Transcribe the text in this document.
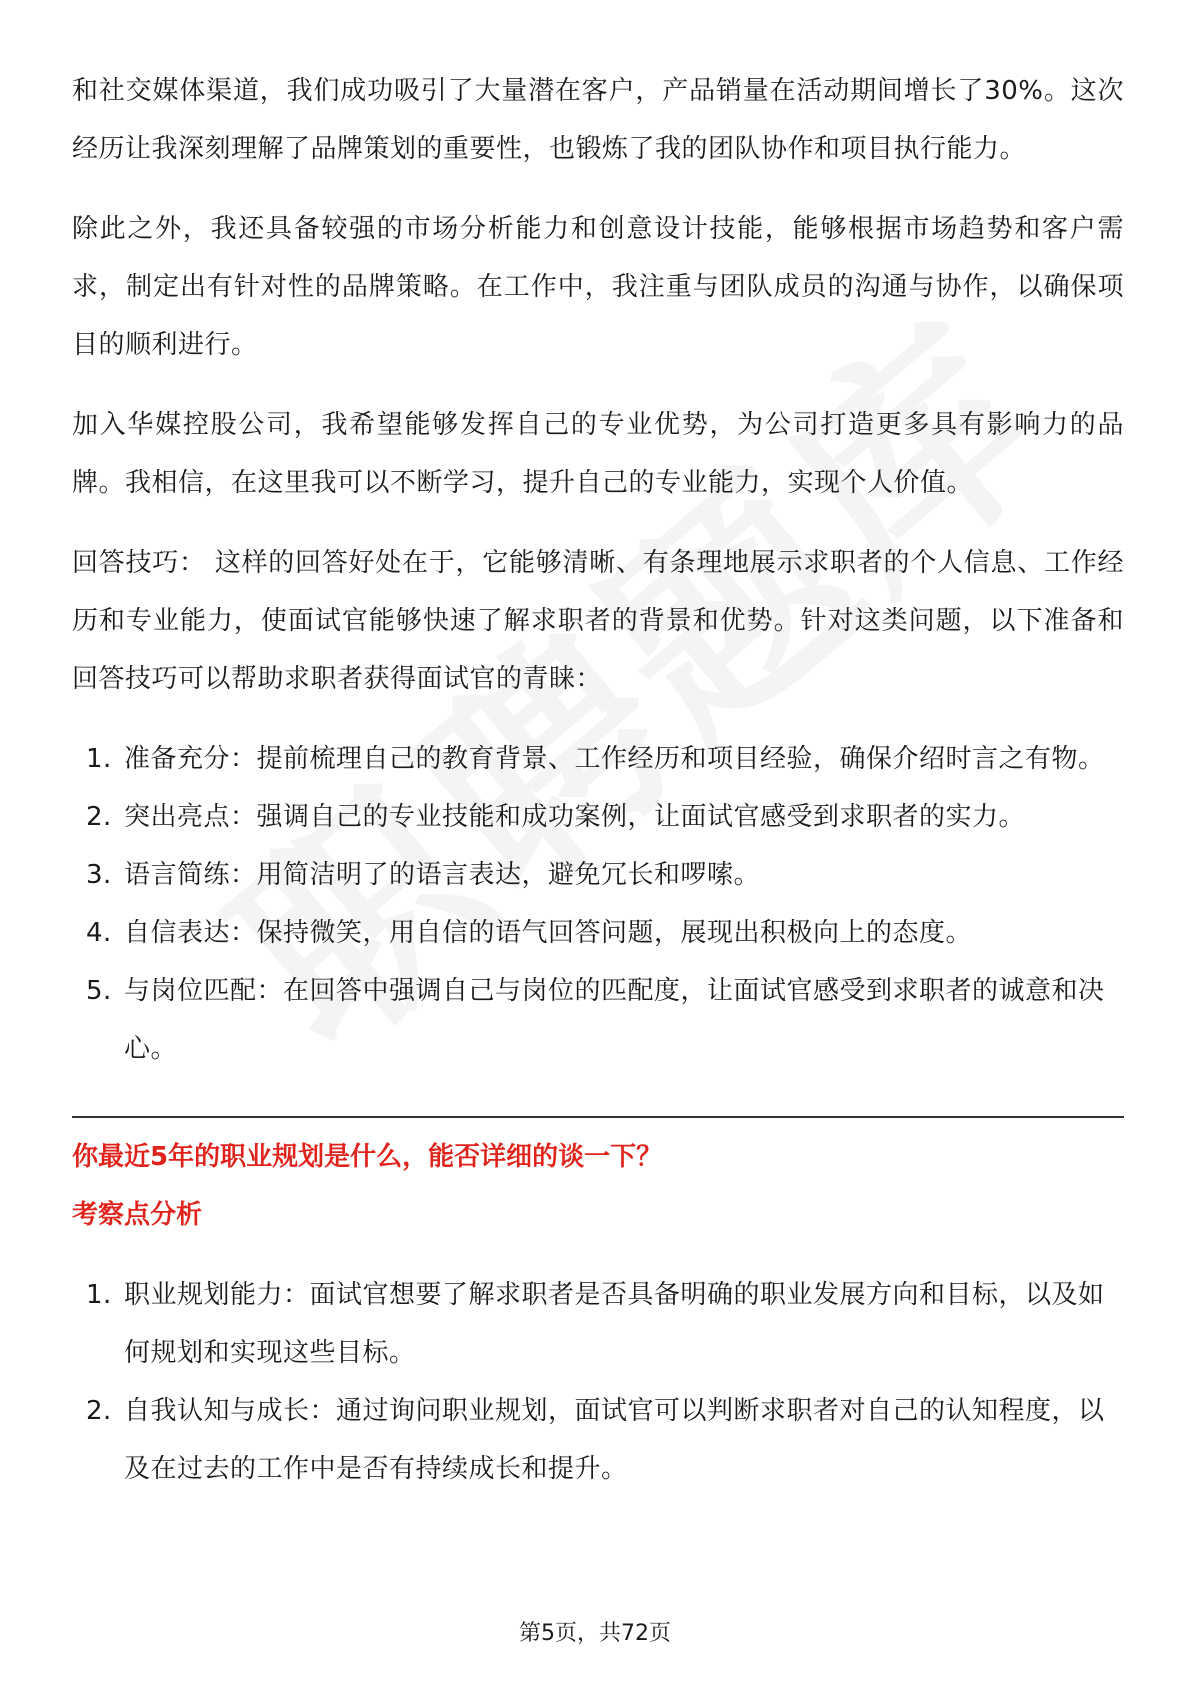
和社交媒体渠道，我们成功吸引了大量潜在客户，产品销量在活动期间增长了30%。这次经历让我深刻理解了品牌策划的重要性，也锻炼了我的团队协作和项目执行能力。

除此之外，我还具备较强的市场分析能力和创意设计技能，能够根据市场趋势和客户需求，制定出有针对性的品牌策略。在工作中，我注重与团队成员的沟通与协作，以确保项目的顺利进行。

加入华媒控股公司，我希望能够发挥自己的专业优势，为公司打造更多具有影响力的品牌。我相信，在这里我可以不断学习，提升自己的专业能力，实现个人价值。

回答技巧： 这样的回答好处在于，它能够清晰、有条理地展示求职者的个人信息、工作经历和专业能力，使面试官能够快速了解求职者的背景和优势。针对这类问题，以下准备和回答技巧可以帮助求职者获得面试官的青睐：

1. 准备充分：提前梳理自己的教育背景、工作经历和项目经验，确保介绍时言之有物。
2. 突出亮点：强调自己的专业技能和成功案例，让面试官感受到求职者的实力。
3. 语言简练：用简洁明了的语言表达，避免冗长和啰嗦。
4. 自信表达：保持微笑，用自信的语气回答问题，展现出积极向上的态度。
5. 与岗位匹配：在回答中强调自己与岗位的匹配度，让面试官感受到求职者的诚意和决心。

你最近5年的职业规划是什么，能否详细的谈一下？

考察点分析

1. 职业规划能力：面试官想要了解求职者是否具备明确的职业发展方向和目标，以及如何规划和实现这些目标。
2. 自我认知与成长：通过询问职业规划，面试官可以判断求职者对自己的认知程度，以及在过去的工作中是否有持续成长和提升。
第5页，共72页
